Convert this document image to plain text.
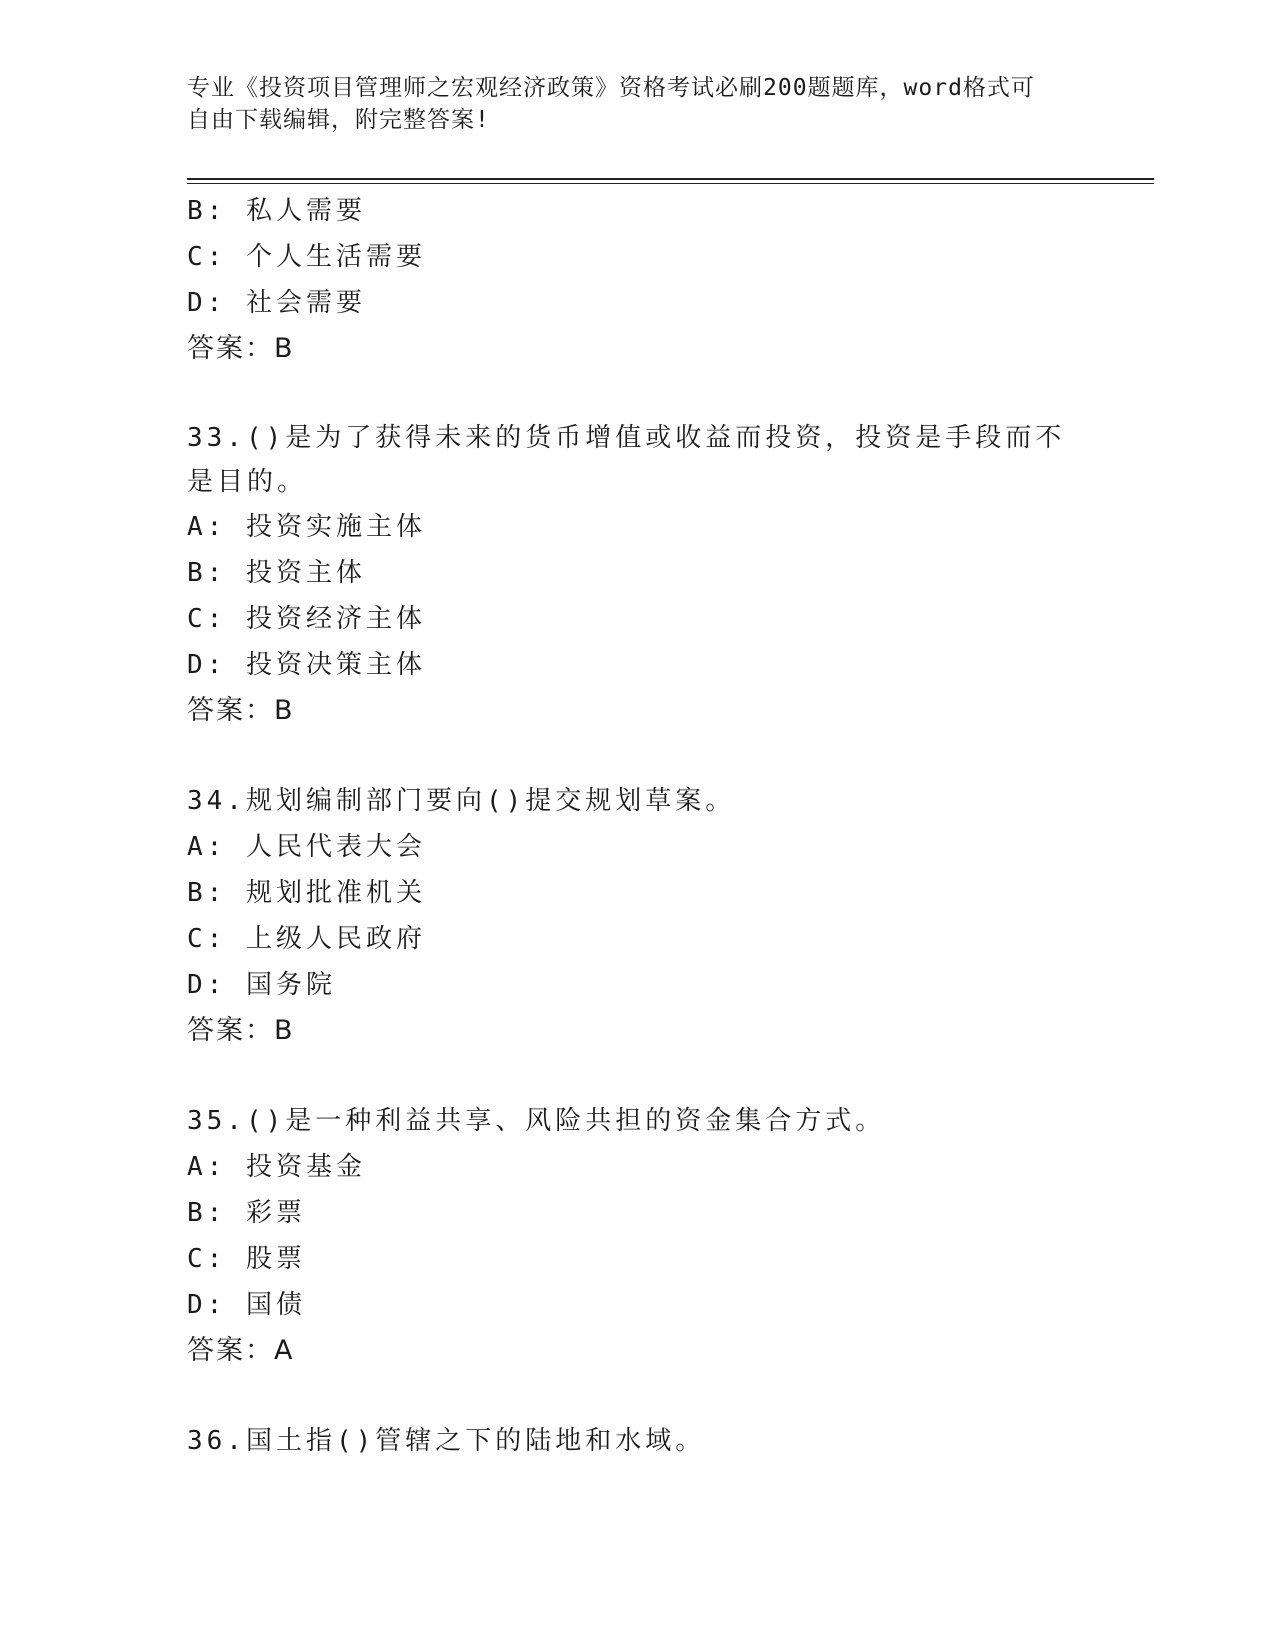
专业《投资项目管理师之宏观经济政策》资格考试必刷200题题库，word格式可
自由下载编辑，附完整答案!
B: 私人需要
C: 个人生活需要
D: 社会需要
答案：B
33.()是为了获得未来的货币增值或收益而投资，投资是手段而不是目的。
A: 投资实施主体
B: 投资主体
C: 投资经济主体
D: 投资决策主体
答案：B
34.规划编制部门要向()提交规划草案。
A: 人民代表大会
B: 规划批准机关
C: 上级人民政府
D: 国务院
答案：B
35.()是一种利益共享、风险共担的资金集合方式。
A: 投资基金
B: 彩票
C: 股票
D: 国债
答案：A
36.国土指()管辖之下的陆地和水域。
